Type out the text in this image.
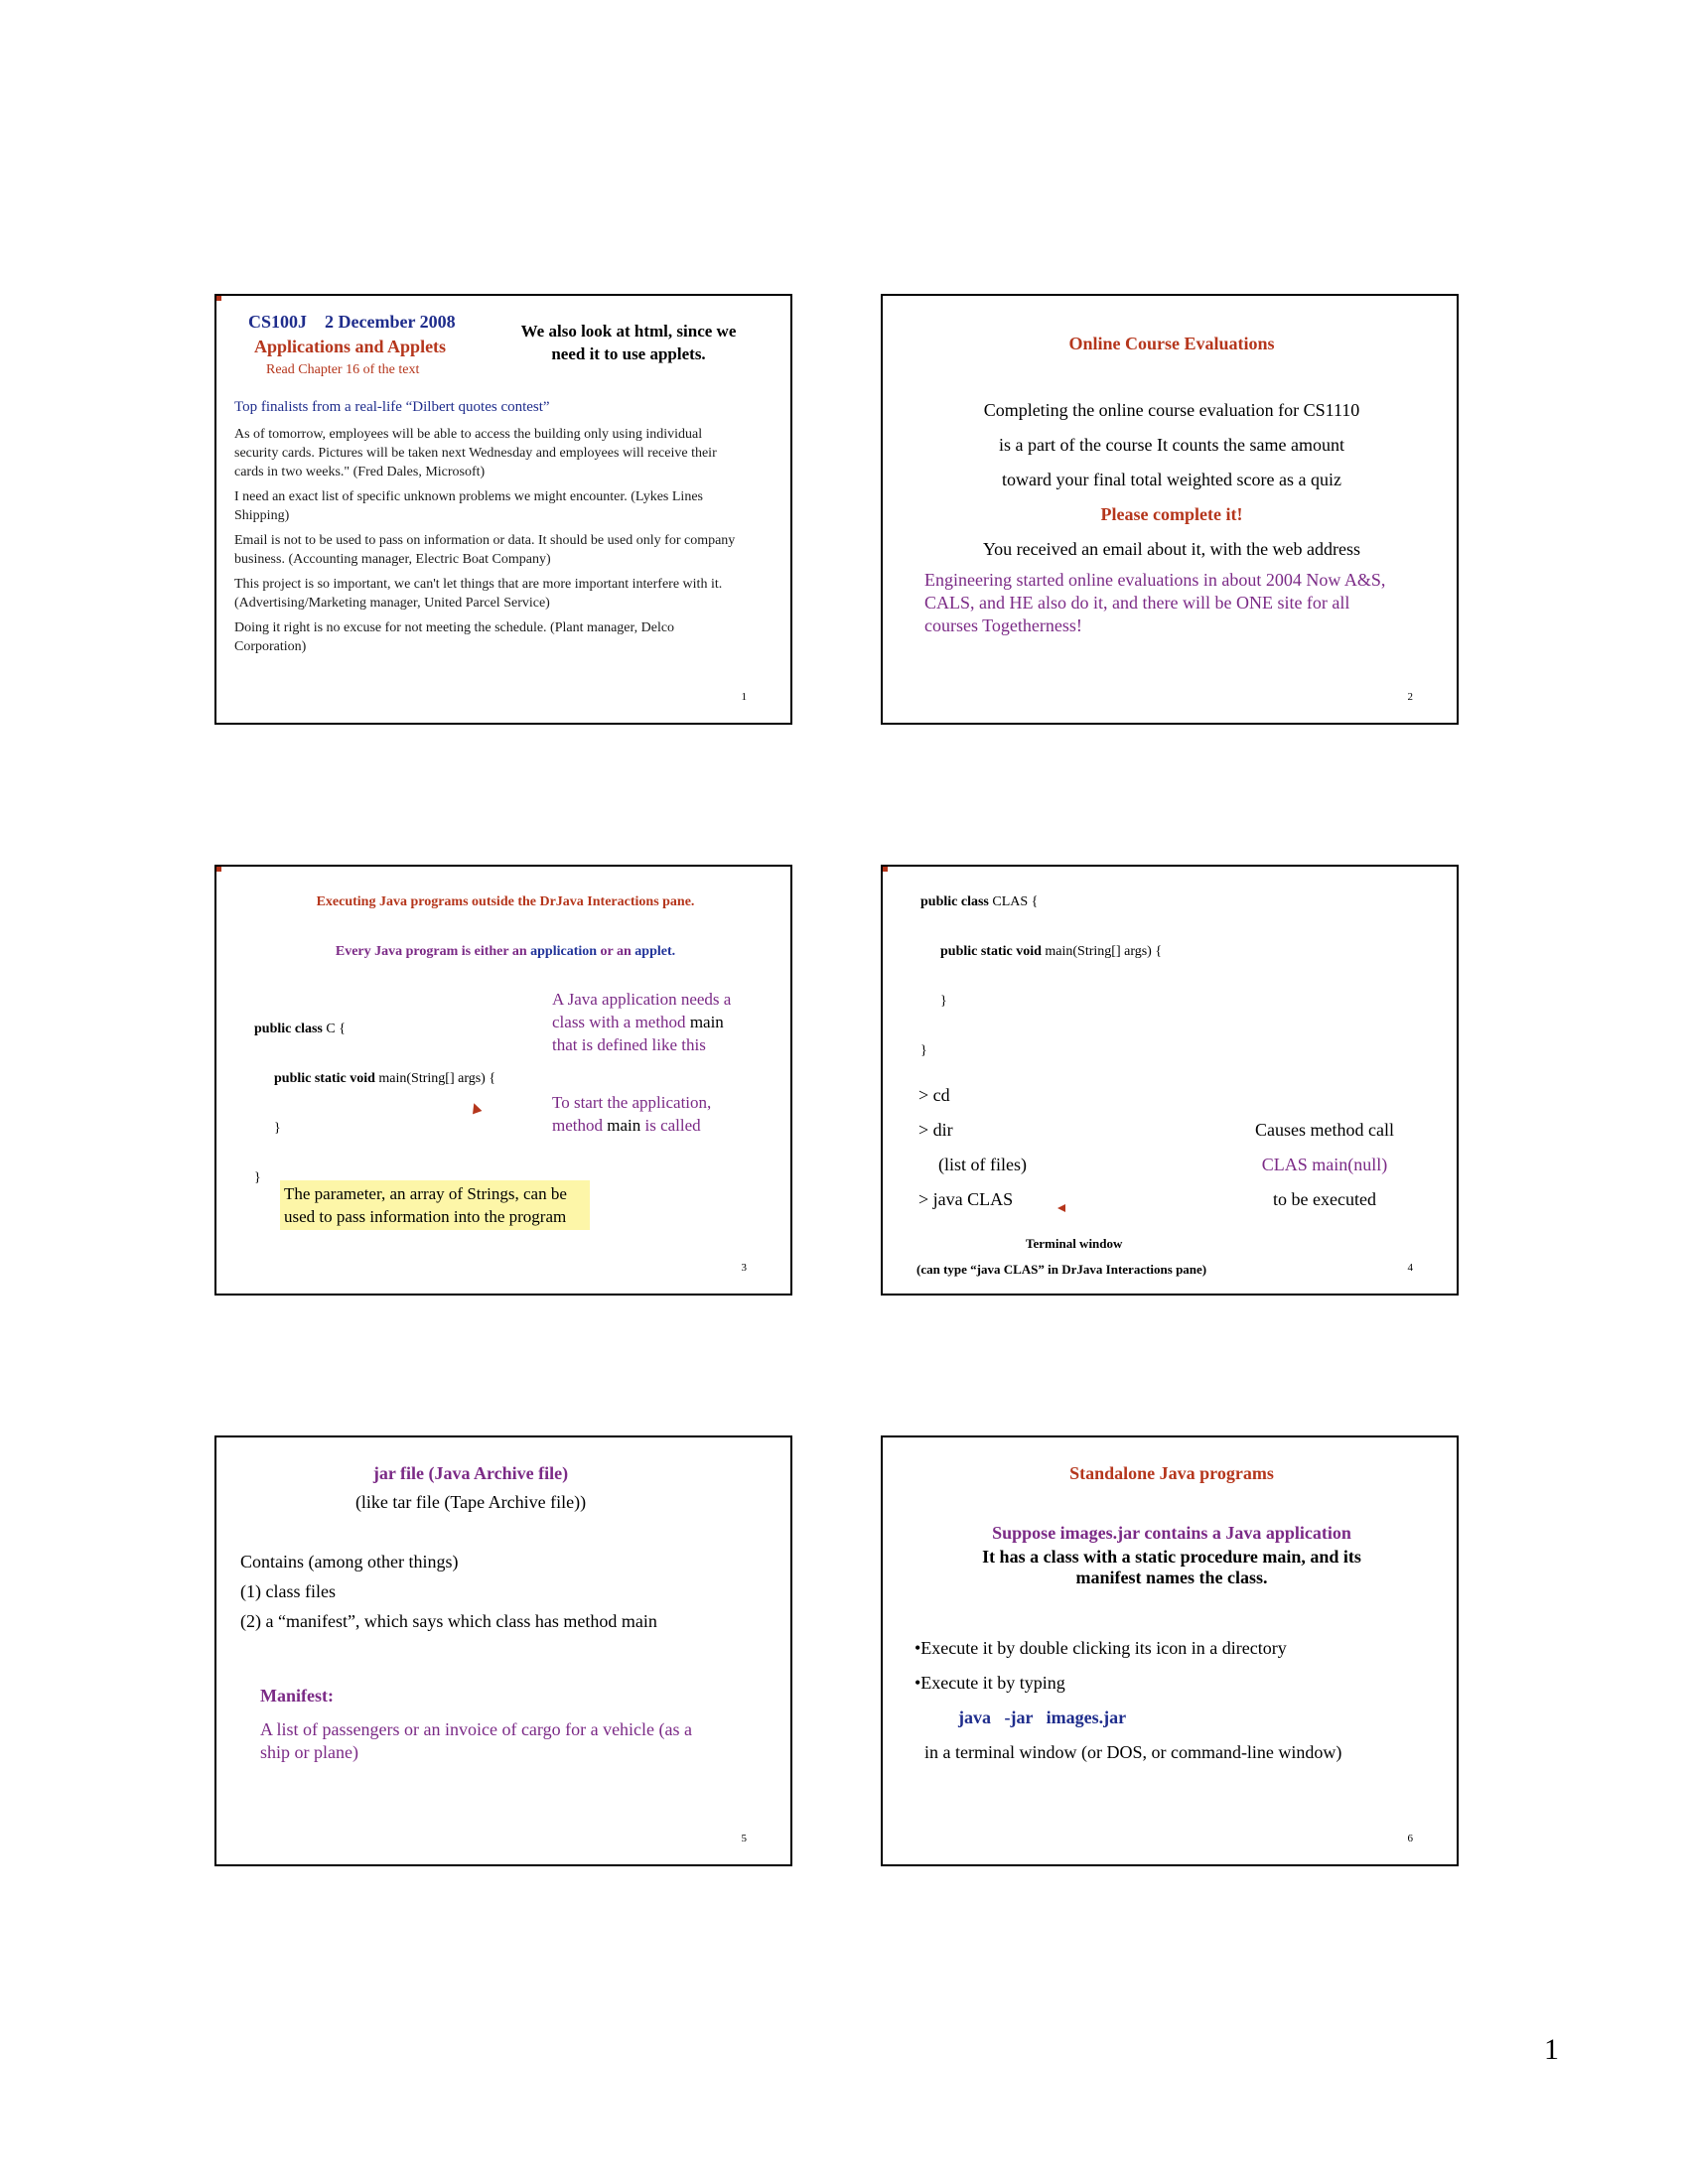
CS100J 2 December 2008
Applications and Applets
Read Chapter 16 of the text
We also look at html, since we need it to use applets.
Top finalists from a real-life “Dilbert quotes contest”

As of tomorrow, employees will be able to access the building only using individual security cards. Pictures will be taken next Wednesday and employees will receive their cards in two weeks." (Fred Dales, Microsoft)

I need an exact list of specific unknown problems we might encounter. (Lykes Lines Shipping)

Email is not to be used to pass on information or data. It should be used only for company business. (Accounting manager, Electric Boat Company)

This project is so important, we can't let things that are more important interfere with it. (Advertising/Marketing manager, United Parcel Service)

Doing it right is no excuse for not meeting the schedule. (Plant manager, Delco Corporation)

1
Online Course Evaluations
Completing the online course evaluation for CS1110
is a part of the course It counts the same amount
toward your final total weighted score as a quiz
Please complete it!
You received an email about it, with the web address
Engineering started online evaluations in about 2004 Now A&S, CALS, and HE also do it, and there will be ONE site for all courses Togetherness!
2
Executing Java programs outside the DrJava Interactions pane.
Every Java program is either an application or an applet.
public class C {
public static void main(String[] args) {
}
}
A Java application needs a class with a method main that is defined like this
To start the application, method main is called
The parameter, an array of Strings, can be used to pass information into the program
3
public class CLAS {
public static void main(String[] args) {
}
}
> cd
> dir
(list of files)
> java CLAS
Causes method call
CLAS main(null)
to be executed
Terminal window
(can type “java CLAS” in DrJava Interactions pane)	4
jar file (Java Archive file)
(like tar file (Tape Archive file))
Contains (among other things)
(1) class files
(2) a “manifest”, which says which class has method main
Manifest:
A list of passengers or an invoice of cargo for a vehicle (as a ship or plane)
5
Standalone Java programs
Suppose images.jar contains a Java application
It has a class with a static procedure main, and its manifest names the class.
•Execute it by double clicking its icon in a directory
•Execute it by typing
java   -jar   images.jar
in a terminal window (or DOS, or command-line window)
6
1
